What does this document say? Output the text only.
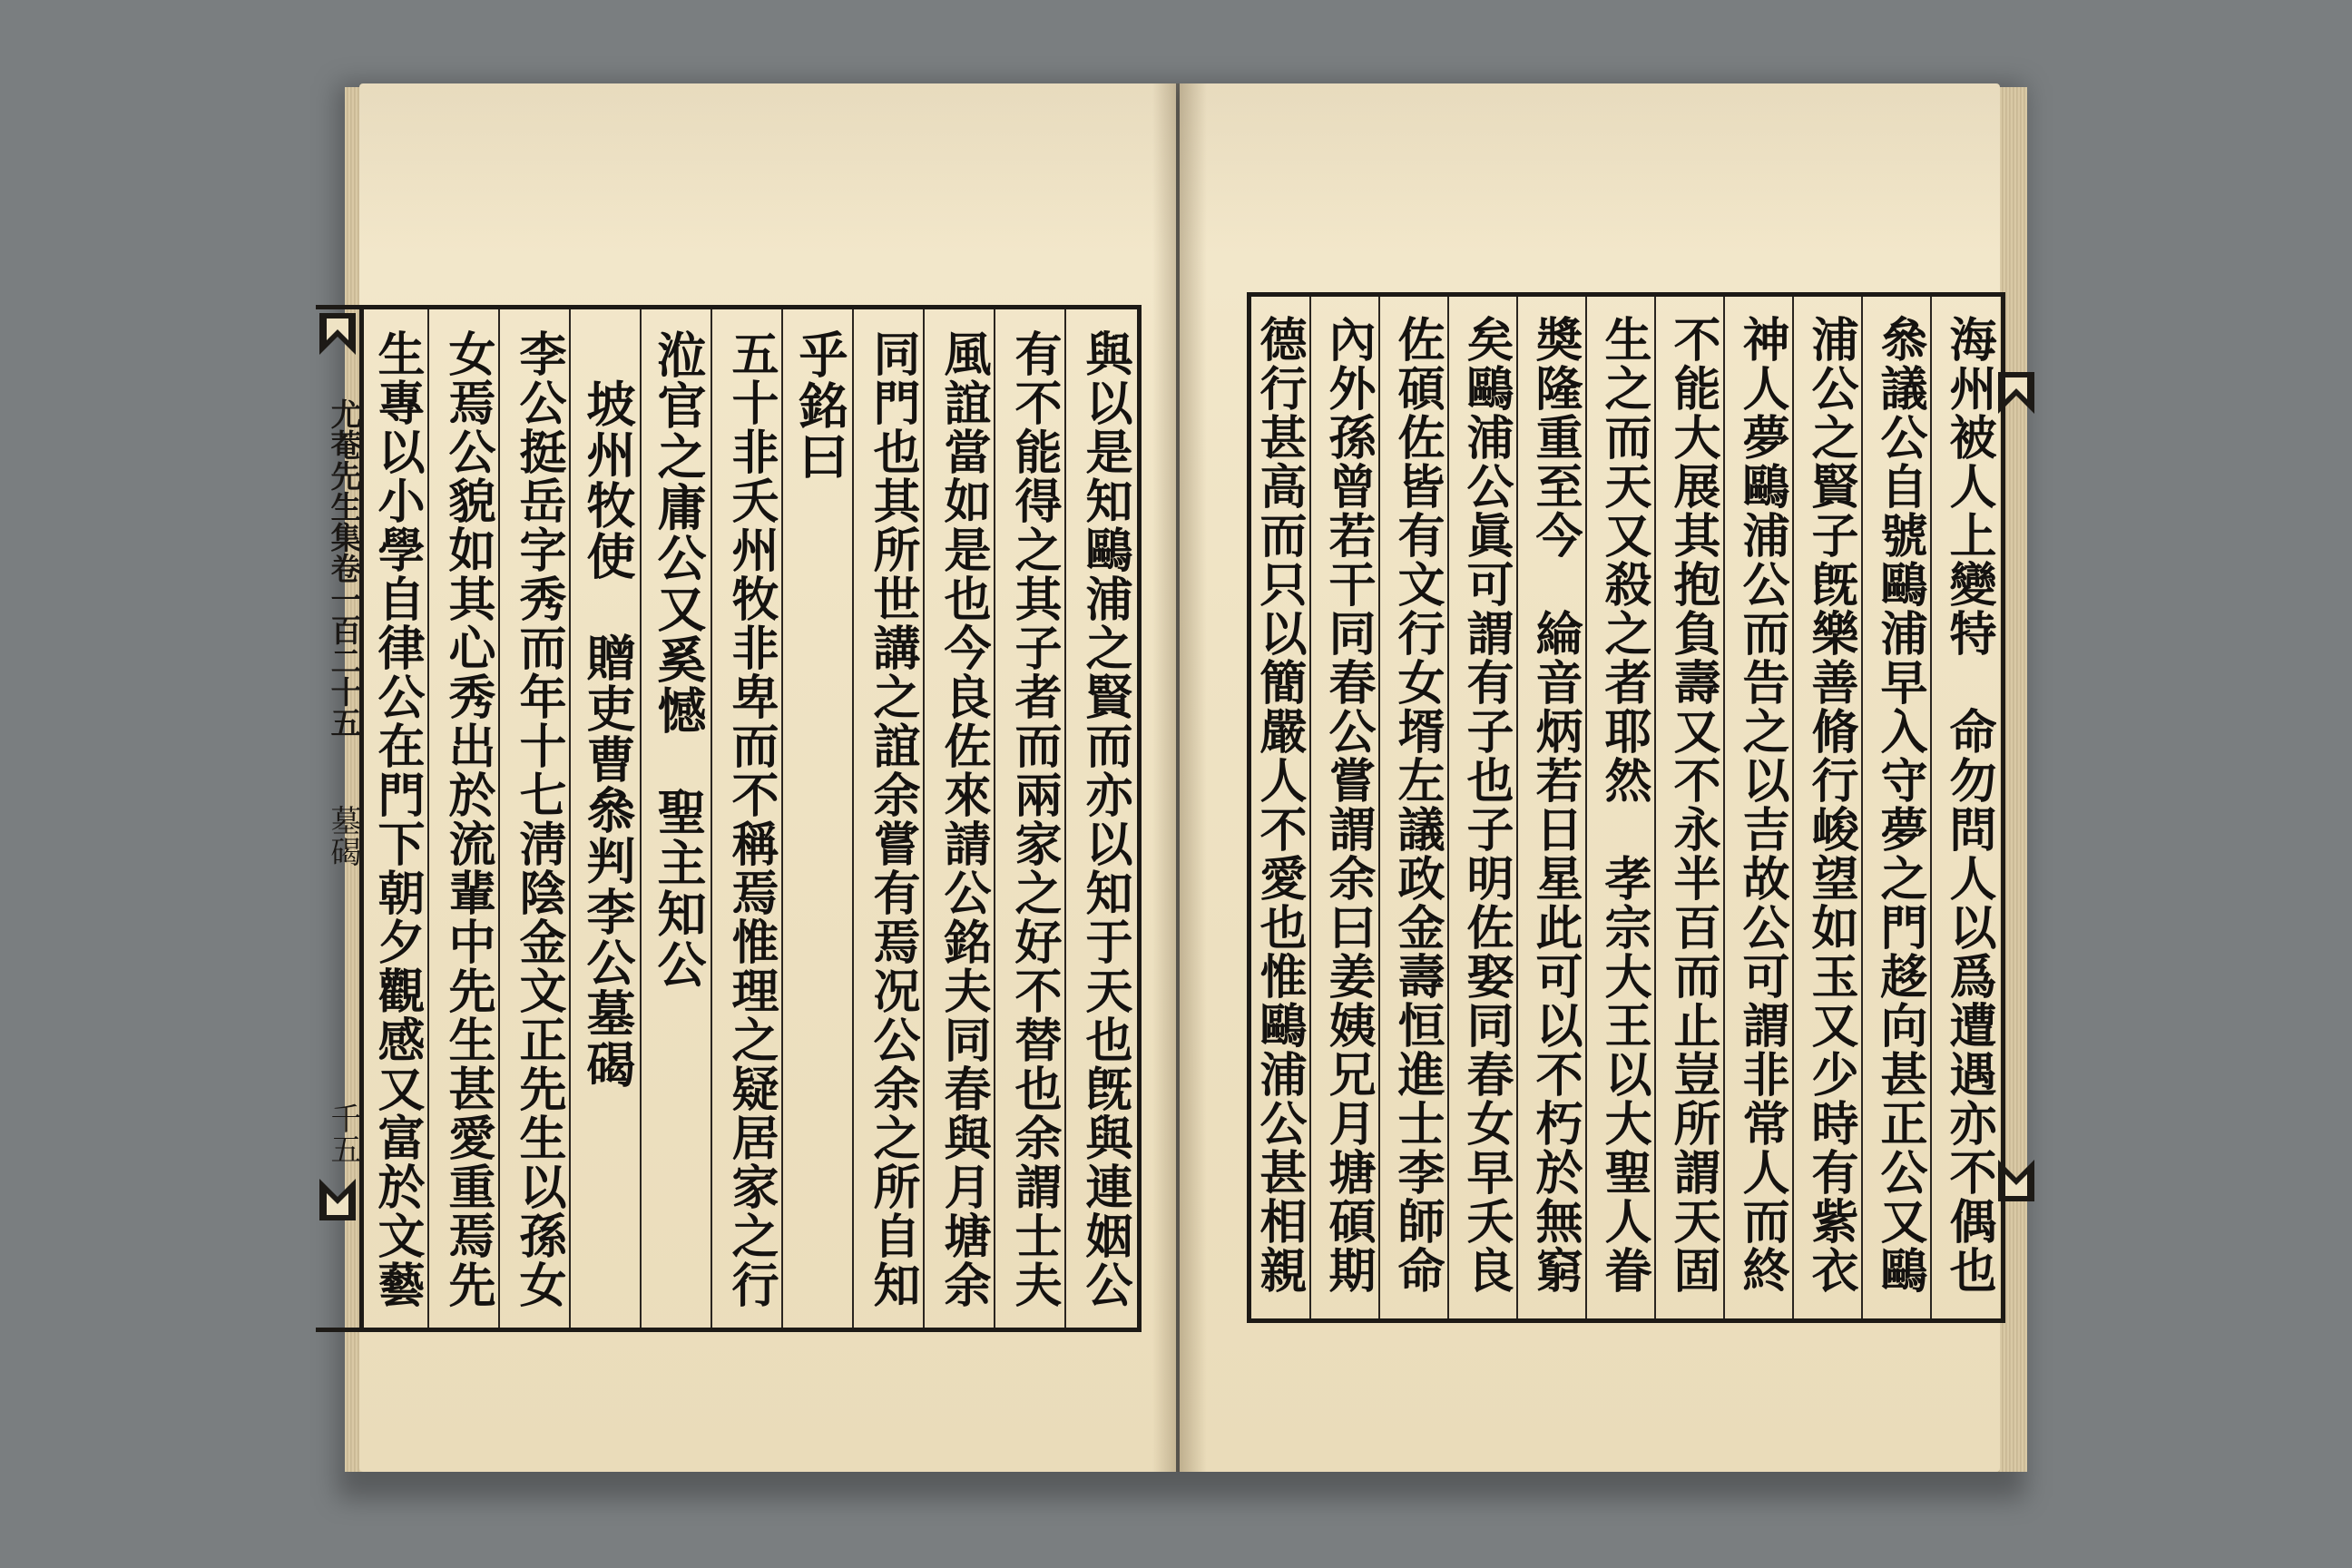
尤菴先生集卷一百二十五
墓碣
千五	與以是知鷗浦之賢而亦以知于天也旣與連姻公
有不能得之其子者而兩家之好不替也余謂士夫
風誼當如是也今良佐來請公銘夫同春與月塘余
同門也其所世講之誼余嘗有焉况公余之所自知
乎銘曰
五十非夭州牧非卑而不稱焉惟理之疑居家之行
涖官之庸公又奚憾　聖主知公
坡州牧使　贈吏曹叅判李公墓碣
李公挺岳字秀而年十七淸陰金文正先生以孫女
女焉公貌如其心秀出於流輩中先生甚愛重焉先
生專以小學自律公在門下朝夕觀感又富於文藝	海州被人上變特　命勿問人以爲遭遇亦不偶也
叅議公自號鷗浦早入守夢之門趍向甚正公又鷗
浦公之賢子旣樂善脩行峻望如玉又少時有紫衣
神人夢鷗浦公而告之以吉故公可謂非常人而終
不能大展其抱負壽又不永半百而止豈所謂天固
生之而天又殺之者耶然　孝宗大王以大聖人眷
奬隆重至今　綸音炳若日星此可以不朽於無窮
矣鷗浦公眞可謂有子也子明佐娶同春女早夭良
佐碩佐皆有文行女壻左議政金壽恒進士李師命
內外孫曾若干同春公嘗謂余曰姜姨兄月塘碩期
德行甚高而只以簡嚴人不愛也惟鷗浦公甚相親
